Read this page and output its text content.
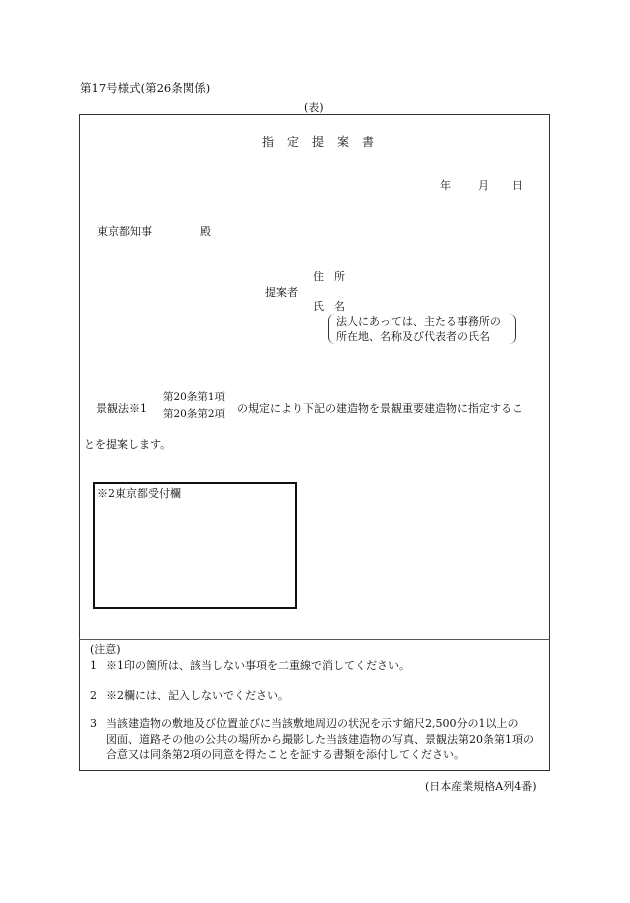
第17号様式(第26条関係)
(表)
指定提案書
年 月 日
東京都知事	殿
提案者
住所
氏名
法人にあっては、主たる事務所の
所在地、名称及び代表者の氏名
景観法※1
第20条第1項
第20条第2項 の規定により下記の建造物を景観重要建造物に指定するこ
とを提案します。
※2東京都受付欄
(注意)
1 ※1印の箇所は、該当しない事項を二重線で消してください。
2 ※2欄には、記入しないでください。
3 当該建造物の敷地及び位置並びに当該敷地周辺の状況を示す縮尺2,500分の1以上の
図面、道路その他の公共の場所から撮影した当該建造物の写真、景観法第20条第1項の
合意又は同条第2項の同意を得たことを証する書類を添付してください。
(日本産業規格A列4番)
